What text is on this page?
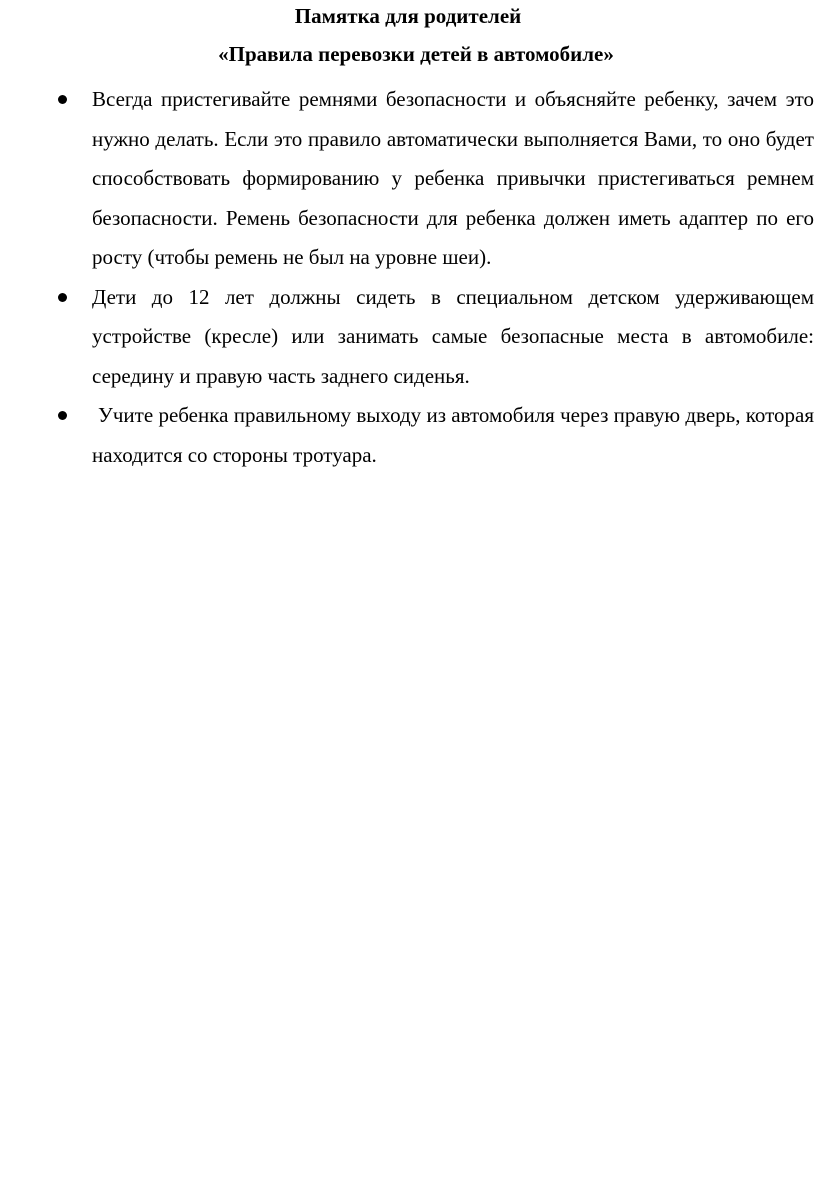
Памятка для родителей
«Правила перевозки детей в автомобиле»
Всегда пристегивайте ремнями безопасности и объясняйте ребенку, зачем это нужно делать. Если это правило автоматически выполняется Вами, то оно будет способствовать формированию у ребенка привычки пристегиваться ремнем безопасности. Ремень безопасности для ребенка должен иметь адаптер по его росту (чтобы ремень не был на уровне шеи).
Дети до 12 лет должны сидеть в специальном детском удерживающем устройстве (кресле) или занимать самые безопасные места в автомобиле: середину и правую часть заднего сиденья.
Учите ребенка правильному выходу из автомобиля через правую дверь, которая находится со стороны тротуара.
